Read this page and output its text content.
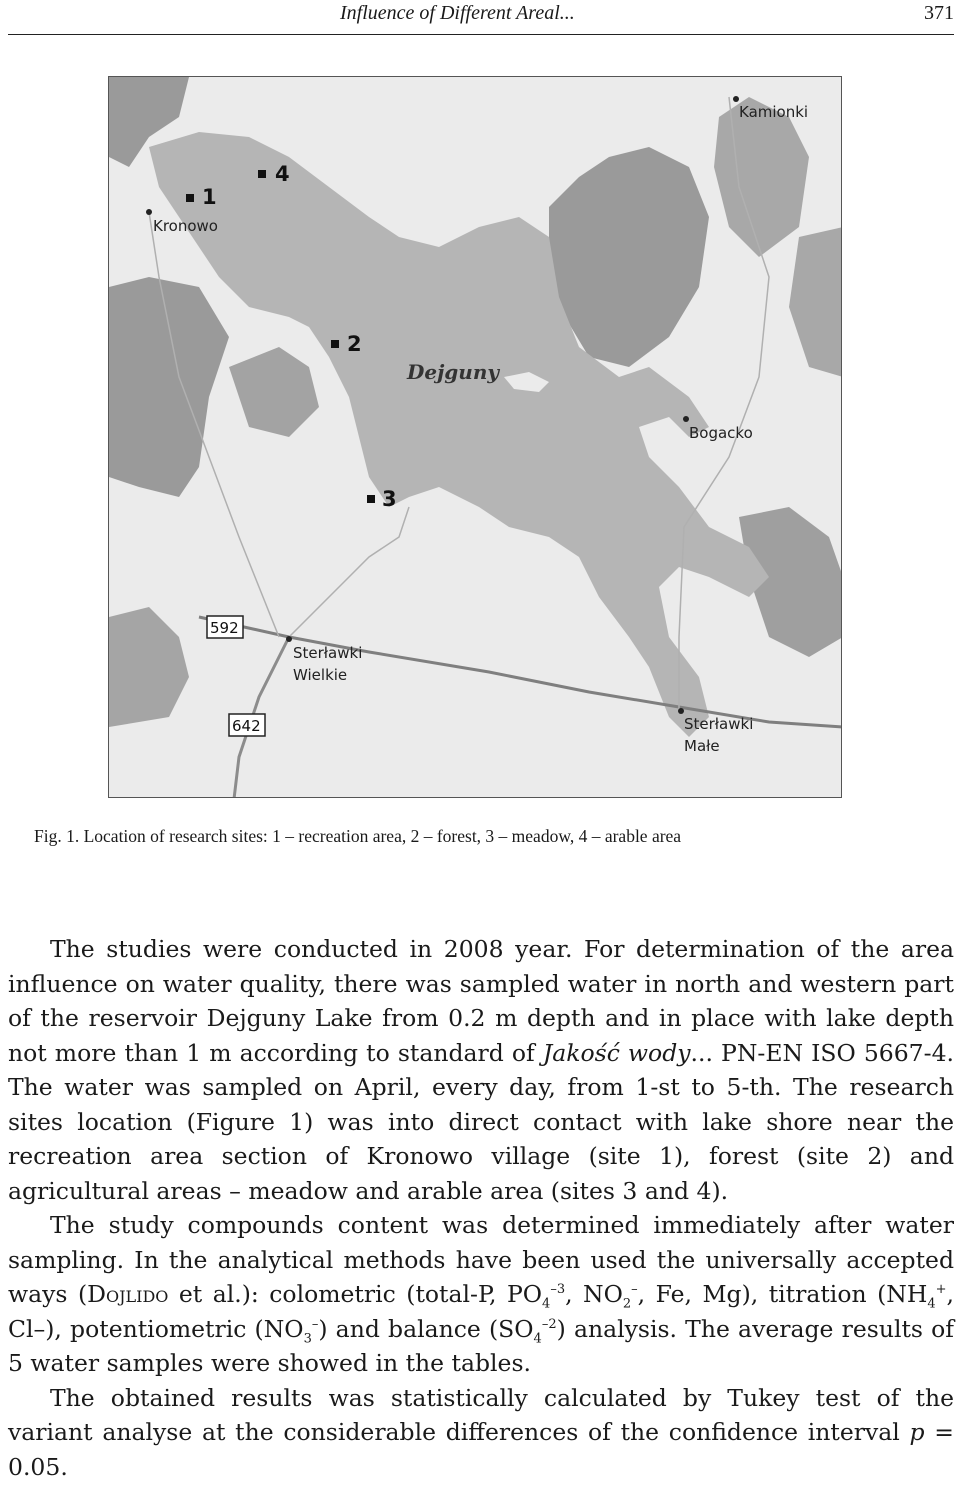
Influence of Different Areal...	371
1
2
3
4
Dejguny
Kamionki
Kronowo
Bogacko
Sterławki
Wielkie
Sterławki
Małe
592
642
Fig. 1. Location of research sites: 1 – recreation area, 2 – forest, 3 – meadow, 4 – arable area

The studies were conducted in 2008 year. For determination of the area influence on water quality, there was sampled water in north and western part of the reservoir Dejguny Lake from 0.2 m depth and in place with lake depth not more than 1 m according to standard of Jakość wody... PN-EN ISO 5667-4. The water was sampled on April, every day, from 1-st to 5-th. The research sites location (Figure 1) was into direct contact with lake shore near the recreation area section of Kronowo village (site 1), forest (site 2) and agricultural areas – meadow and arable area (sites 3 and 4).

The study compounds content was determined immediately after water sampling. In the analytical methods have been used the universally accepted ways (Dojlido et al.): colometric (total-P, $PO_4^{-3}$, $NO_2^-$, Fe, Mg), titration ($NH_4^+$, Cl–), potentiometric $(NO_3^-)$ and balance $(SO_4^{-2})$ analysis. The average results of 5 water samples were showed in the tables.

The obtained results was statistically calculated by Tukey test of the variant analyse at the considerable differences of the confidence interval p = 0.05.
